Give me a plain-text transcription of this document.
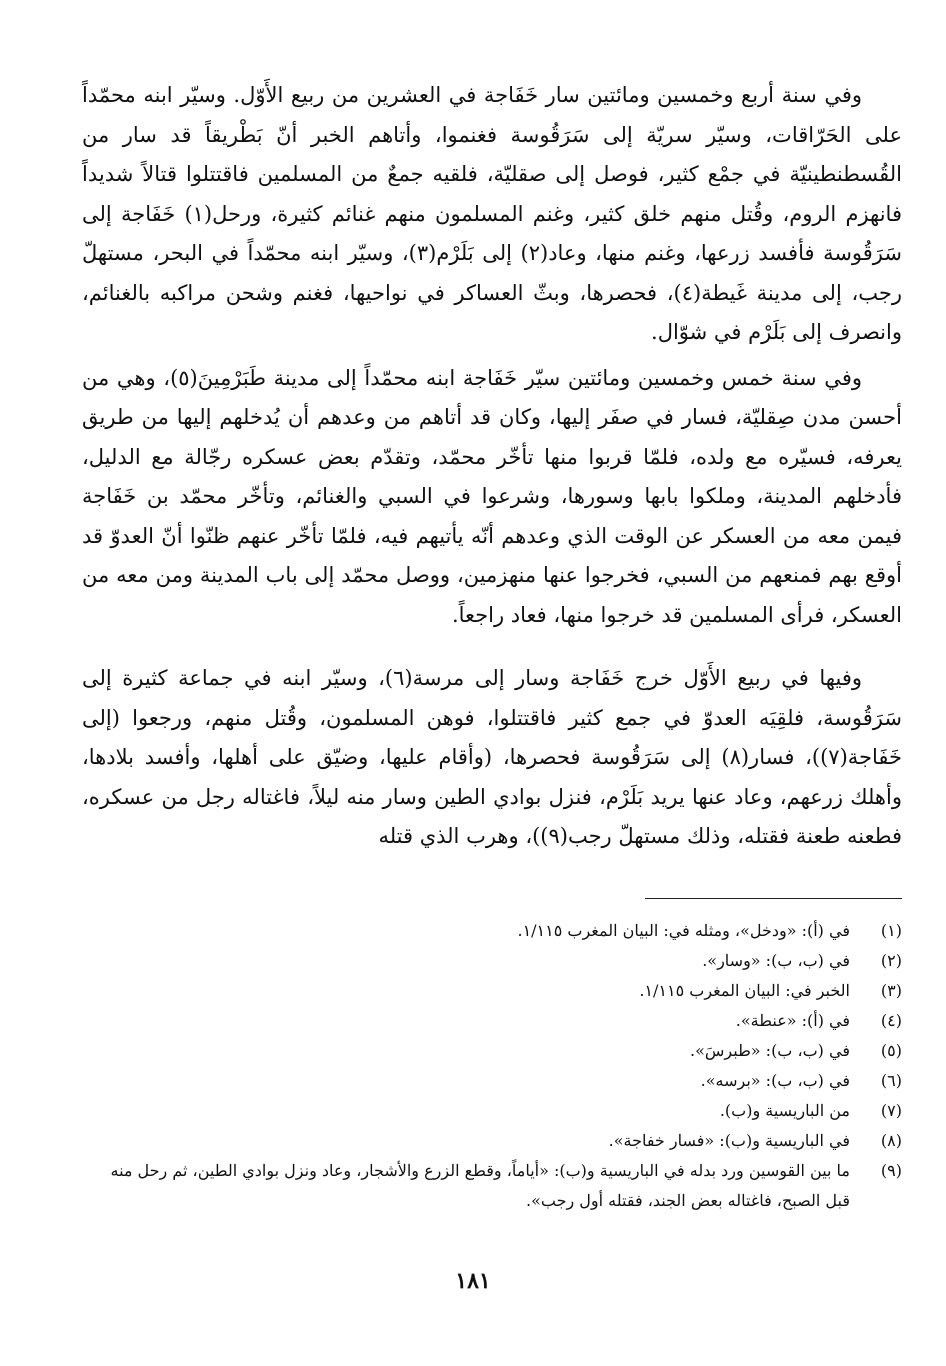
وفي سنة أربع وخمسين ومائتين سار خَفَاجة في العشرين من ربيع الأَوّل. وسيّر ابنه محمّداً على الحَرّاقات، وسيّر سريّة إلى سَرَقُوسة فغنموا، وأتاهم الخبر أنّ بَطْريقاً قد سار من القُسطنطينيّة في جمْع كثير، فوصل إلى صقليّة، فلقيه جمعٌ من المسلمين فاقتتلوا قتالاً شديداً فانهزم الروم، وقُتل منهم خلق كثير، وغنم المسلمون منهم غنائم كثيرة، ورحل(١) خَفَاجة إلى سَرَقُوسة فأفسد زرعها، وغنم منها، وعاد(٢) إلى بَلَرْم(٣)، وسيّر ابنه محمّداً في البحر، مستهلّ رجب، إلى مدينة غَيطة(٤)، فحصرها، وبثّ العساكر في نواحيها، فغنم وشحن مراكبه بالغنائم، وانصرف إلى بَلَرْم في شوّال.

وفي سنة خمس وخمسين ومائتين سيّر خَفَاجة ابنه محمّداً إلى مدينة طَبَرْمِينَ(٥)، وهي من أحسن مدن صِقليّة، فسار في صفَر إليها، وكان قد أتاهم من وعدهم أن يُدخلهم إليها من طريق يعرفه، فسيّره مع ولده، فلمّا قربوا منها تأخّر محمّد، وتقدّم بعض عسكره رجّالة مع الدليل، فأدخلهم المدينة، وملكوا بابها وسورها، وشرعوا في السبي والغنائم، وتأخّر محمّد بن خَفَاجة فيمن معه من العسكر عن الوقت الذي وعدهم أنّه يأتيهم فيه، فلمّا تأخّر عنهم ظنّوا أنّ العدوّ قد أوقع بهم فمنعهم من السبي، فخرجوا عنها منهزمين، ووصل محمّد إلى باب المدينة ومن معه من العسكر، فرأى المسلمين قد خرجوا منها، فعاد راجعاً.

وفيها في ربيع الأَوّل خرج خَفَاجة وسار إلى مرسة(٦)، وسيّر ابنه في جماعة كثيرة إلى سَرَقُوسة، فلقِيَه العدوّ في جمع كثير فاقتتلوا، فوهن المسلمون، وقُتل منهم، ورجعوا (إلى خَفَاجة(٧))، فسار(٨) إلى سَرَقُوسة فحصرها، (وأقام عليها، وضيّق على أهلها، وأفسد بلادها، وأهلك زرعهم، وعاد عنها يريد بَلَرْم، فنزل بوادي الطين وسار منه ليلاً، فاغتاله رجل من عسكره، فطعنه طعنة فقتله، وذلك مستهلّ رجب(٩))، وهرب الذي قتله

(١)
في (أ): «ودخل»، ومثله في: البيان المغرب ١/١١٥.
(٢)
في (ب، ب): «وسار».
(٣)
الخبر في: البيان المغرب ١/١١٥.
(٤)
في (أ): «عنطة».
(٥)
في (ب، ب): «طبرسَ».
(٦)
في (ب، ب): «برسه».
(٧)
من الباريسية و(ب).
(٨)
في الباريسية و(ب): «فسار خفاجة».
(٩)
ما بين القوسين ورد بدله في الباريسية و(ب): «أياماً، وقطع الزرع والأشجار، وعاد ونزل بوادي الطين، ثم رحل منه قبل الصبح، فاغتاله بعض الجند، فقتله أول رجب».
١٨١
